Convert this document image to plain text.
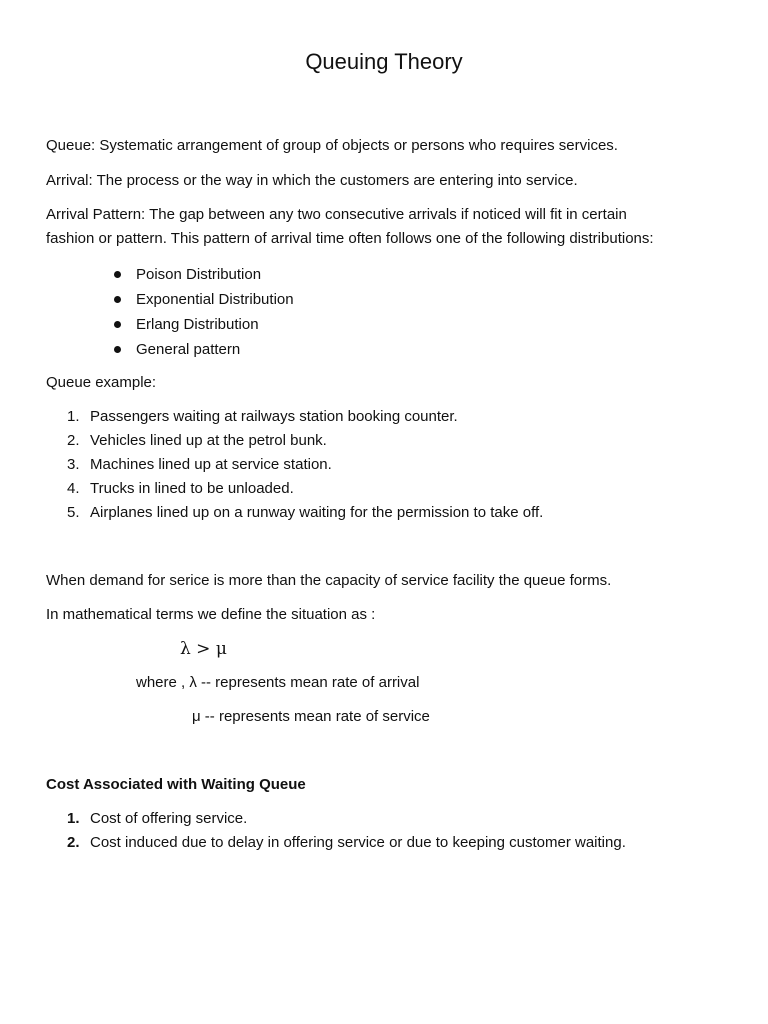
Queuing Theory

Queue: Systematic arrangement of group of objects or persons who requires services.

Arrival: The process or the way in which the customers are entering into service.

Arrival Pattern: The gap between any two consecutive arrivals if noticed will fit in certain

fashion or pattern. This pattern of arrival time often follows one of the following distributions:

Poison Distribution
Exponential Distribution
Erlang Distribution
General pattern

Queue example:

1. Passengers waiting at railways station booking counter.
2. Vehicles lined up at the petrol bunk.
3. Machines lined up at service station.
4. Trucks in lined to be unloaded.
5. Airplanes lined up on a runway waiting for the permission to take off.

When demand for serice is more than the capacity of service facility the queue forms.

In mathematical terms we define the situation as :

λ > μ
where , λ -- represents mean rate of arrival
μ -- represents mean rate of service

Cost Associated with Waiting Queue

1. Cost of offering service.
2. Cost induced due to delay in offering service or due to keeping customer waiting.
